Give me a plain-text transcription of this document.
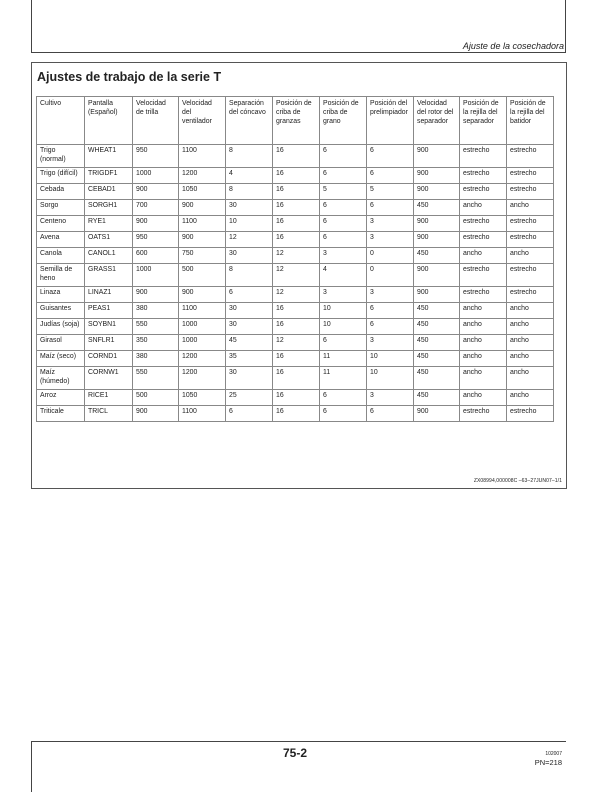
Ajuste de la cosechadora
Ajustes de trabajo de la serie T
Cultivo	Pantalla (Español)	Velocidad de trilla	Velocidad del ventilador	Separación del cóncavo	Posición de criba de granzas	Posición de criba de grano	Posición del prelimpiador	Velocidad del rotor del separador	Posición de la rejilla del separador	Posición de la rejilla del batidor
Trigo (normal)	WHEAT1	950	1100	8	16	6	6	900	estrecho	estrecho
Trigo (difícil)	TRIGDF1	1000	1200	4	16	6	6	900	estrecho	estrecho
Cebada	CEBAD1	900	1050	8	16	5	5	900	estrecho	estrecho
Sorgo	SORGH1	700	900	30	16	6	6	450	ancho	ancho
Centeno	RYE1	900	1100	10	16	6	3	900	estrecho	estrecho
Avena	OATS1	950	900	12	16	6	3	900	estrecho	estrecho
Canola	CANOL1	600	750	30	12	3	0	450	ancho	ancho
Semilla de heno	GRASS1	1000	500	8	12	4	0	900	estrecho	estrecho
Linaza	LINAZ1	900	900	6	12	3	3	900	estrecho	estrecho
Guisantes	PEAS1	380	1100	30	16	10	6	450	ancho	ancho
Judías (soja)	SOYBN1	550	1000	30	16	10	6	450	ancho	ancho
Girasol	SNFLR1	350	1000	45	12	6	3	450	ancho	ancho
Maíz (seco)	CORND1	380	1200	35	16	11	10	450	ancho	ancho
Maíz (húmedo)	CORNW1	550	1200	30	16	11	10	450	ancho	ancho
Arroz	RICE1	500	1050	25	16	6	3	450	ancho	ancho
Triticale	TRICL	900	1100	6	16	6	6	900	estrecho	estrecho
ZX08994,000008C –63–27JUN07–1/1
75-2	102007
PN=218
